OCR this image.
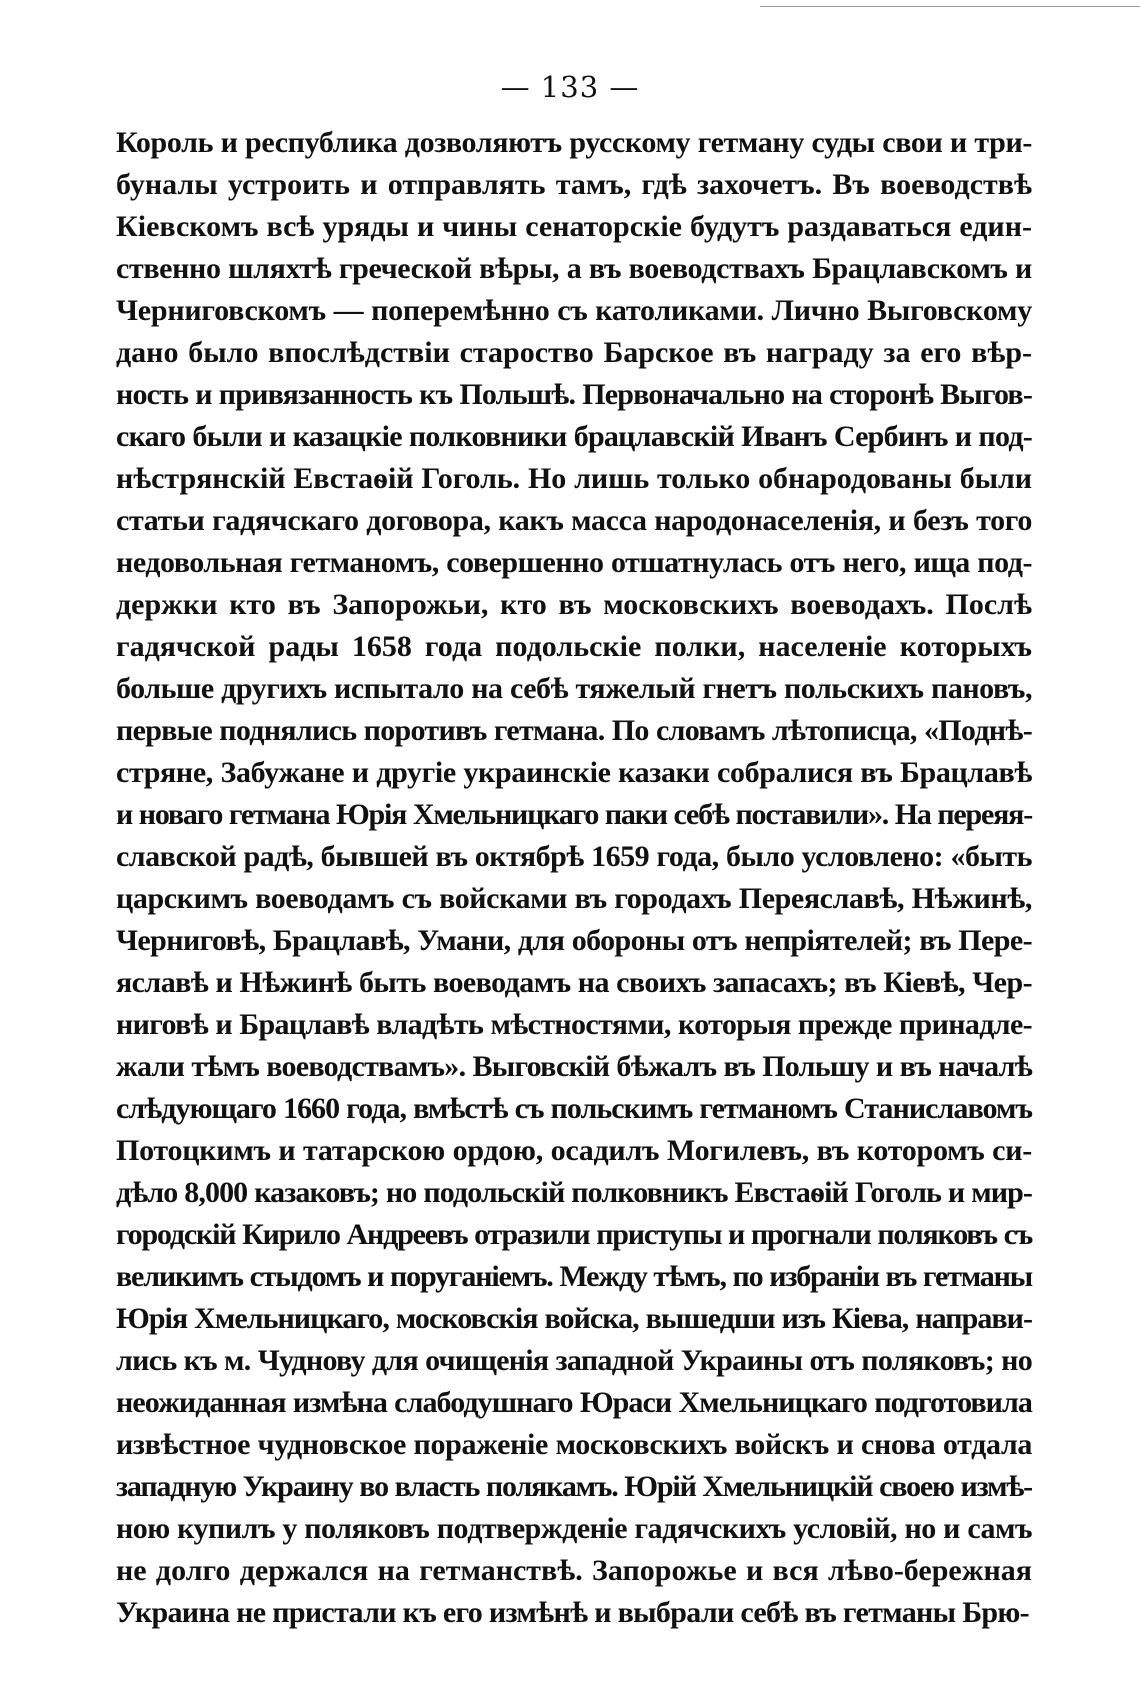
— 133 —
Король и республика дозволяютъ русскому гетману суды свои и три-
буналы устроить и отправлять тамъ, гдѣ захочетъ. Въ воеводствѣ
Кіевскомъ всѣ уряды и чины сенаторскіе будутъ раздаваться един-
ственно шляхтѣ греческой вѣры, а въ воеводствахъ Брацлавскомъ и
Черниговскомъ — поперемѣнно съ католиками. Лично Выговскому
дано было впослѣдствіи староство Барское въ награду за его вѣр-
ность и привязанность къ Польшѣ. Первоначально на сторонѣ Выгов-
скаго были и казацкіе полковники брацлавскій Иванъ Сербинъ и под-
нѣстрянскій Евстаѳій Гоголь. Но лишь только обнародованы были
статьи гадячскаго договора, какъ масса народонаселенія, и безъ того
недовольная гетманомъ, совершенно отшатнулась отъ него, ища под-
держки кто въ Запорожьи, кто въ московскихъ воеводахъ. Послѣ
гадячской рады 1658 года подольскіе полки, населеніе которыхъ
больше другихъ испытало на себѣ тяжелый гнетъ польскихъ пановъ,
первые поднялись поротивъ гетмана. По словамъ лѣтописца, «Поднѣ-
стряне, Забужане и другіе украинскіе казаки собралися въ Брацлавѣ
и новаго гетмана Юрія Хмельницкаго паки себѣ поставили». На переяя-
славской радѣ, бывшей въ октябрѣ 1659 года, было условлено: «быть
царскимъ воеводамъ съ войсками въ городахъ Переяславѣ, Нѣжинѣ,
Черниговѣ, Брацлавѣ, Умани, для обороны отъ непріятелей; въ Пере-
яславѣ и Нѣжинѣ быть воеводамъ на своихъ запасахъ; въ Кіевѣ, Чер-
ниговѣ и Брацлавѣ владѣть мѣстностями, которыя прежде принадле-
жали тѣмъ воеводствамъ». Выговскій бѣжалъ въ Польшу и въ началѣ
слѣдующаго 1660 года, вмѣстѣ съ польскимъ гетманомъ Станиславомъ
Потоцкимъ и татарскою ордою, осадилъ Могилевъ, въ которомъ си-
дѣло 8,000 казаковъ; но подольскій полковникъ Евстаѳій Гоголь и мир-
городскій Кирило Андреевъ отразили приступы и прогнали поляковъ съ
великимъ стыдомъ и поруганіемъ. Между тѣмъ, по избраніи въ гетманы
Юрія Хмельницкаго, московскія войска, вышедши изъ Кіева, направи-
лись къ м. Чуднову для очищенія западной Украины отъ поляковъ; но
неожиданная измѣна слабодушнаго Юраси Хмельницкаго подготовила
извѣстное чудновское пораженіе московскихъ войскъ и снова отдала
западную Украину во власть полякамъ. Юрій Хмельницкій своею измѣ-
ною купилъ у поляковъ подтвержденіе гадячскихъ условій, но и самъ
не долго держался на гетманствѣ. Запорожье и вся лѣво-бережная
Украина не пристали къ его измѣнѣ и выбрали себѣ въ гетманы Брю-
